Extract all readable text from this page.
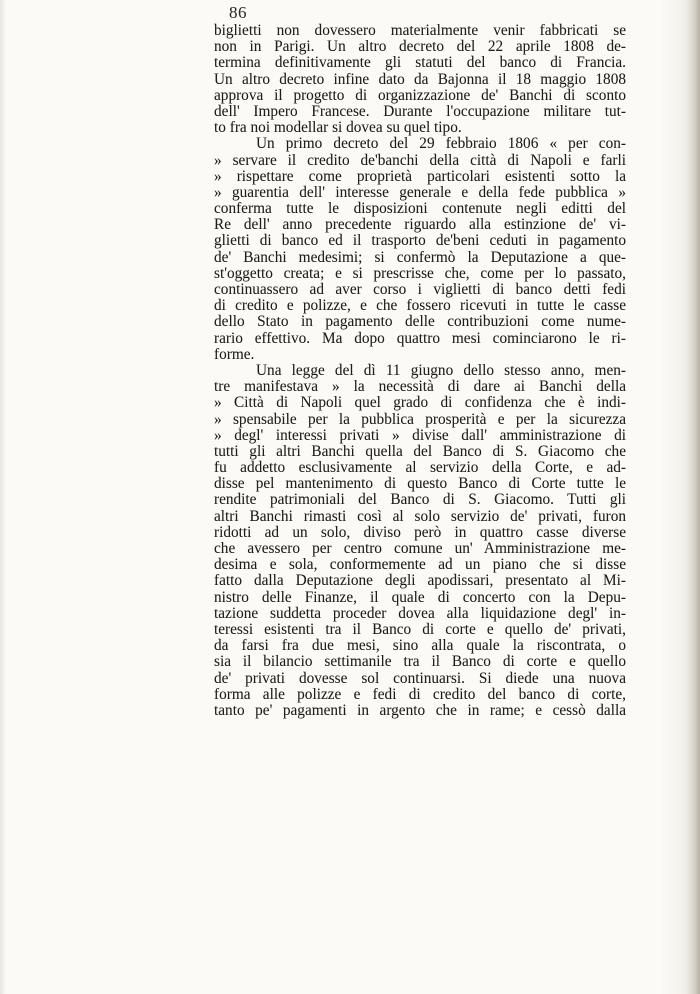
86
biglietti non dovessero materialmente venir fabbricati se
non in Parigi. Un altro decreto del 22 aprile 1808 de-
termina definitivamente gli statuti del banco di Francia.
Un altro decreto infine dato da Bajonna il 18 maggio 1808
approva il progetto di organizzazione de' Banchi di sconto
dell' Impero Francese. Durante l'occupazione militare tut-
to fra noi modellar si dovea su quel tipo.
Un primo decreto del 29 febbraio 1806 « per con-
» servare il credito de'banchi della città di Napoli e farli
» rispettare come proprietà particolari esistenti sotto la
» guarentia dell' interesse generale e della fede pubblica »
conferma tutte le disposizioni contenute negli editti del
Re dell' anno precedente riguardo alla estinzione de' vi-
glietti di banco ed il trasporto de'beni ceduti in pagamento
de' Banchi medesimi; si confermò la Deputazione a que-
st'oggetto creata; e si prescrisse che, come per lo passato,
continuassero ad aver corso i viglietti di banco detti fedi
di credito e polizze, e che fossero ricevuti in tutte le casse
dello Stato in pagamento delle contribuzioni come nume-
rario effettivo. Ma dopo quattro mesi cominciarono le ri-
forme.
Una legge del dì 11 giugno dello stesso anno, men-
tre manifestava » la necessità di dare ai Banchi della
» Città di Napoli quel grado di confidenza che è indi-
» spensabile per la pubblica prosperità e per la sicurezza
» degl' interessi privati » divise dall' amministrazione di
tutti gli altri Banchi quella del Banco di S. Giacomo che
fu addetto esclusivamente al servizio della Corte, e ad-
disse pel mantenimento di questo Banco di Corte tutte le
rendite patrimoniali del Banco di S. Giacomo. Tutti gli
altri Banchi rimasti così al solo servizio de' privati, furon
ridotti ad un solo, diviso però in quattro casse diverse
che avessero per centro comune un' Amministrazione me-
desima e sola, conformemente ad un piano che si disse
fatto dalla Deputazione degli apodissari, presentato al Mi-
nistro delle Finanze, il quale di concerto con la Depu-
tazione suddetta proceder dovea alla liquidazione degl' in-
teressi esistenti tra il Banco di corte e quello de' privati,
da farsi fra due mesi, sino alla quale la riscontrata, o
sia il bilancio settimanile tra il Banco di corte e quello
de' privati dovesse sol continuarsi. Si diede una nuova
forma alle polizze e fedi di credito del banco di corte,
tanto pe' pagamenti in argento che in rame; e cessò dalla
